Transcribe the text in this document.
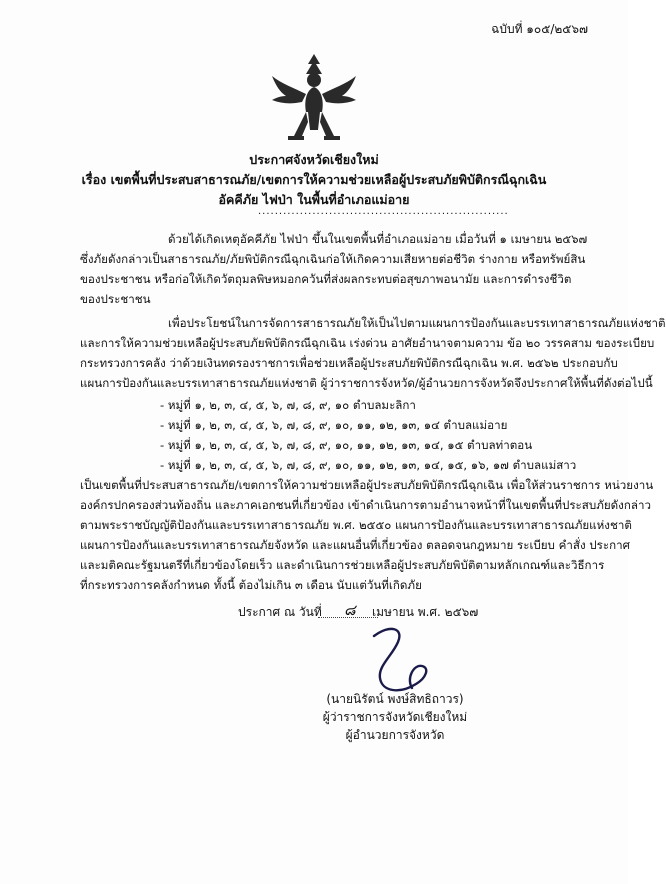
ฉบับที่ ๑๐๕/๒๕๖๗
ประกาศจังหวัดเชียงใหม่
เรื่อง เขตพื้นที่ประสบสาธารณภัย/เขตการให้ความช่วยเหลือผู้ประสบภัยพิบัติกรณีฉุกเฉิน
อัคคีภัย ไฟป่า ในพื้นที่อำเภอแม่อาย
............................................................
ด้วยได้เกิดเหตุอัคคีภัย ไฟป่า ขึ้นในเขตพื้นที่อำเภอแม่อาย เมื่อวันที่ ๑ เมษายน ๒๕๖๗
ซึ่งภัยดังกล่าวเป็นสาธารณภัย/ภัยพิบัติกรณีฉุกเฉินก่อให้เกิดความเสียหายต่อชีวิต ร่างกาย หรือทรัพย์สิน
ของประชาชน หรือก่อให้เกิดวัตถุมลพิษหมอกควันที่ส่งผลกระทบต่อสุขภาพอนามัย และการดำรงชีวิต
ของประชาชน
เพื่อประโยชน์ในการจัดการสาธารณภัยให้เป็นไปตามแผนการป้องกันและบรรเทาสาธารณภัยแห่งชาติ
และการให้ความช่วยเหลือผู้ประสบภัยพิบัติกรณีฉุกเฉิน เร่งด่วน อาศัยอำนาจตามความ ข้อ ๒๐ วรรคสาม ของระเบียบ
กระทรวงการคลัง ว่าด้วยเงินทดรองราชการเพื่อช่วยเหลือผู้ประสบภัยพิบัติกรณีฉุกเฉิน พ.ศ. ๒๕๖๒ ประกอบกับ
แผนการป้องกันและบรรเทาสาธารณภัยแห่งชาติ ผู้ว่าราชการจังหวัด/ผู้อำนวยการจังหวัดจึงประกาศให้พื้นที่ดังต่อไปนี้
- หมู่ที่ ๑, ๒, ๓, ๔, ๕, ๖, ๗, ๘, ๙, ๑๐ ตำบลมะลิกา
- หมู่ที่ ๑, ๒, ๓, ๔, ๕, ๖, ๗, ๘, ๙, ๑๐, ๑๑, ๑๒, ๑๓, ๑๔ ตำบลแม่อาย
- หมู่ที่ ๑, ๒, ๓, ๔, ๕, ๖, ๗, ๘, ๙, ๑๐, ๑๑, ๑๒, ๑๓, ๑๔, ๑๕ ตำบลท่าตอน
- หมู่ที่ ๑, ๒, ๓, ๔, ๕, ๖, ๗, ๘, ๙, ๑๐, ๑๑, ๑๒, ๑๓, ๑๔, ๑๕, ๑๖, ๑๗ ตำบลแม่สาว
เป็นเขตพื้นที่ประสบสาธารณภัย/เขตการให้ความช่วยเหลือผู้ประสบภัยพิบัติกรณีฉุกเฉิน เพื่อให้ส่วนราชการ หน่วยงาน
องค์กรปกครองส่วนท้องถิ่น และภาคเอกชนที่เกี่ยวข้อง เข้าดำเนินการตามอำนาจหน้าที่ในเขตพื้นที่ประสบภัยดังกล่าว
ตามพระราชบัญญัติป้องกันและบรรเทาสาธารณภัย พ.ศ. ๒๕๕๐ แผนการป้องกันและบรรเทาสาธารณภัยแห่งชาติ
แผนการป้องกันและบรรเทาสาธารณภัยจังหวัด และแผนอื่นที่เกี่ยวข้อง ตลอดจนกฎหมาย ระเบียบ คำสั่ง ประกาศ
และมติคณะรัฐมนตรีที่เกี่ยวข้องโดยเร็ว และดำเนินการช่วยเหลือผู้ประสบภัยพิบัติตามหลักเกณฑ์และวิธีการ
ที่กระทรวงการคลังกำหนด ทั้งนี้ ต้องไม่เกิน ๓ เดือน นับแต่วันที่เกิดภัย
ประกาศ ณ วันที่ ๘ เมษายน พ.ศ. ๒๕๖๗
(นายนิรัตน์ พงษ์สิทธิถาวร)
ผู้ว่าราชการจังหวัดเชียงใหม่
ผู้อำนวยการจังหวัด
